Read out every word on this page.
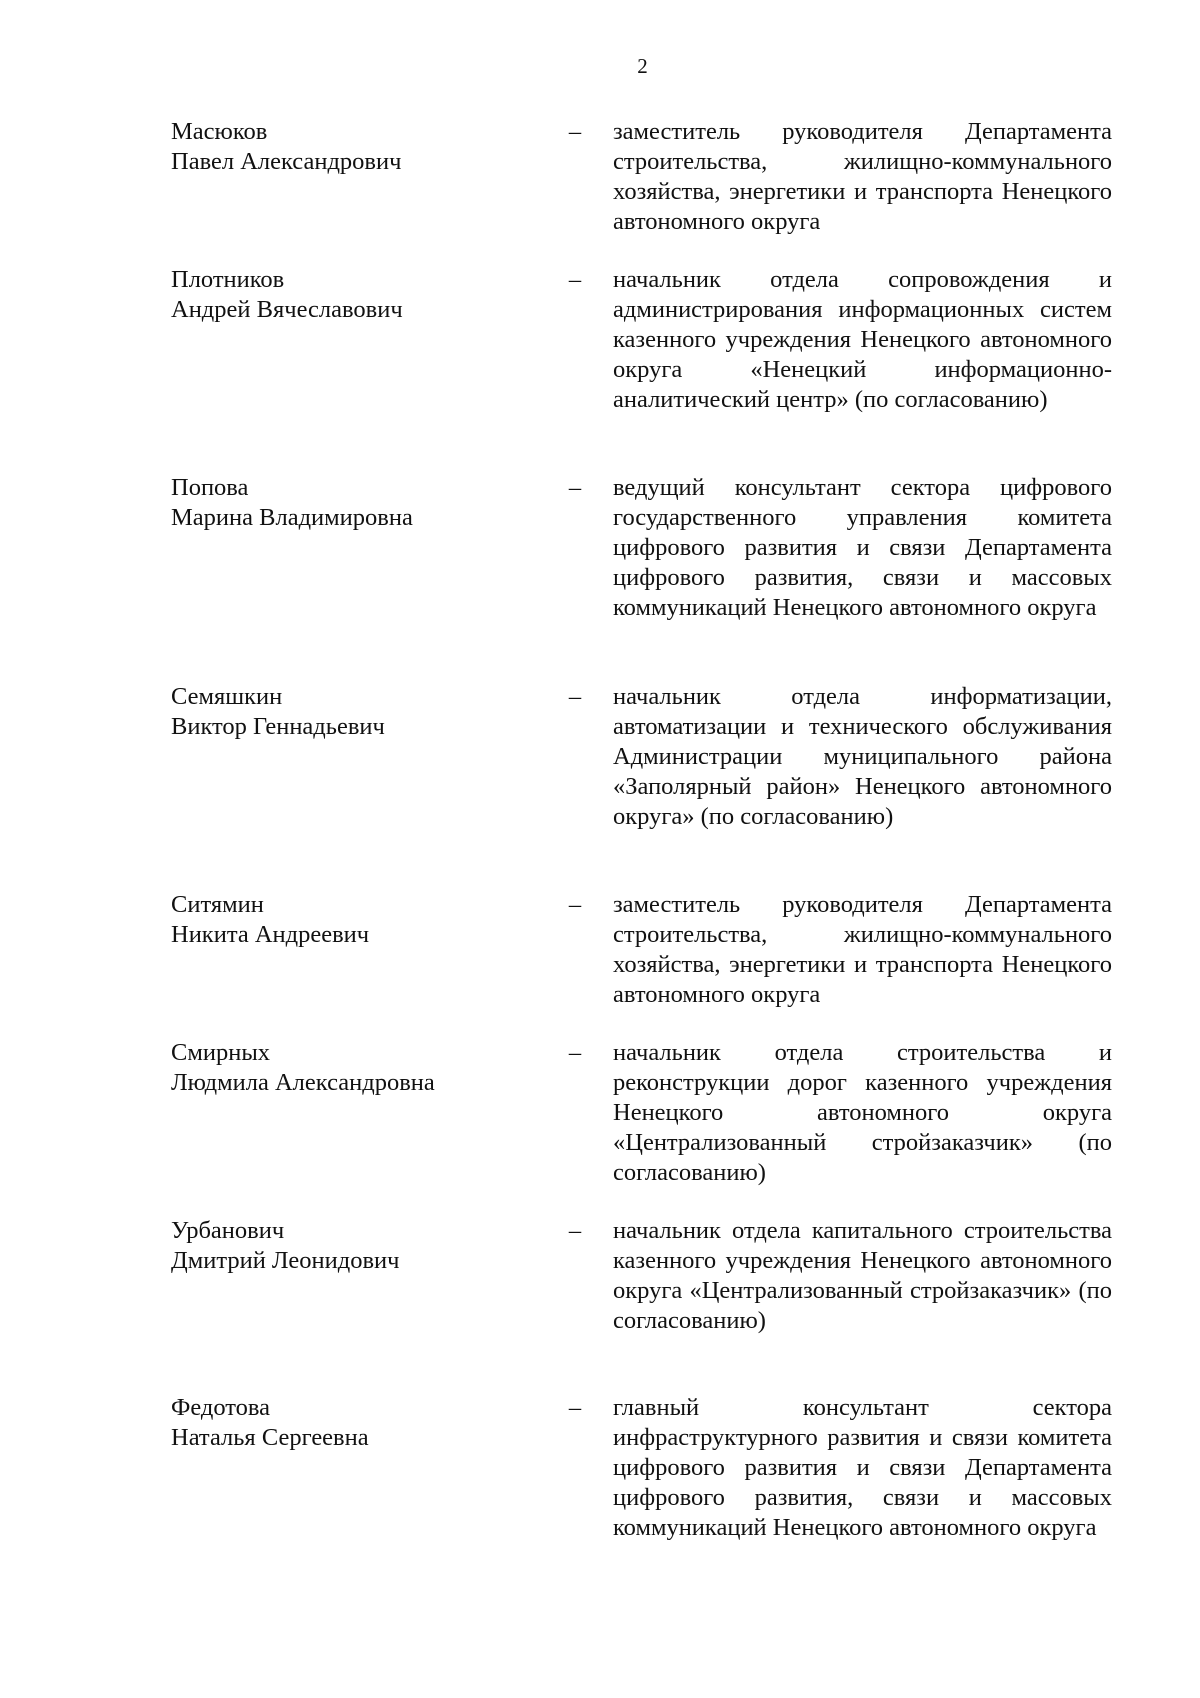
2
Масюков
Павел Александрович
– заместитель руководителя Департамента строительства, жилищно-коммунального хозяйства, энергетики и транспорта Ненецкого автономного округа
Плотников
Андрей Вячеславович
– начальник отдела сопровождения и администрирования информационных систем казенного учреждения Ненецкого автономного округа «Ненецкий информационно-аналитический центр» (по согласованию)
Попова
Марина Владимировна
– ведущий консультант сектора цифрового государственного управления комитета цифрового развития и связи Департамента цифрового развития, связи и массовых коммуникаций Ненецкого автономного округа
Семяшкин
Виктор Геннадьевич
– начальник отдела информатизации, автоматизации и технического обслуживания Администрации муниципального района «Заполярный район» Ненецкого автономного округа» (по согласованию)
Ситямин
Никита Андреевич
– заместитель руководителя Департамента строительства, жилищно-коммунального хозяйства, энергетики и транспорта Ненецкого автономного округа
Смирных
Людмила Александровна
– начальник отдела строительства и реконструкции дорог казенного учреждения Ненецкого автономного округа «Централизованный стройзаказчик» (по согласованию)
Урбанович
Дмитрий Леонидович
– начальник отдела капитального строительства казенного учреждения Ненецкого автономного округа «Централизованный стройзаказчик» (по согласованию)
Федотова
Наталья Сергеевна
– главный консультант сектора инфраструктурного развития и связи комитета цифрового развития и связи Департамента цифрового развития, связи и массовых коммуникаций Ненецкого автономного округа
